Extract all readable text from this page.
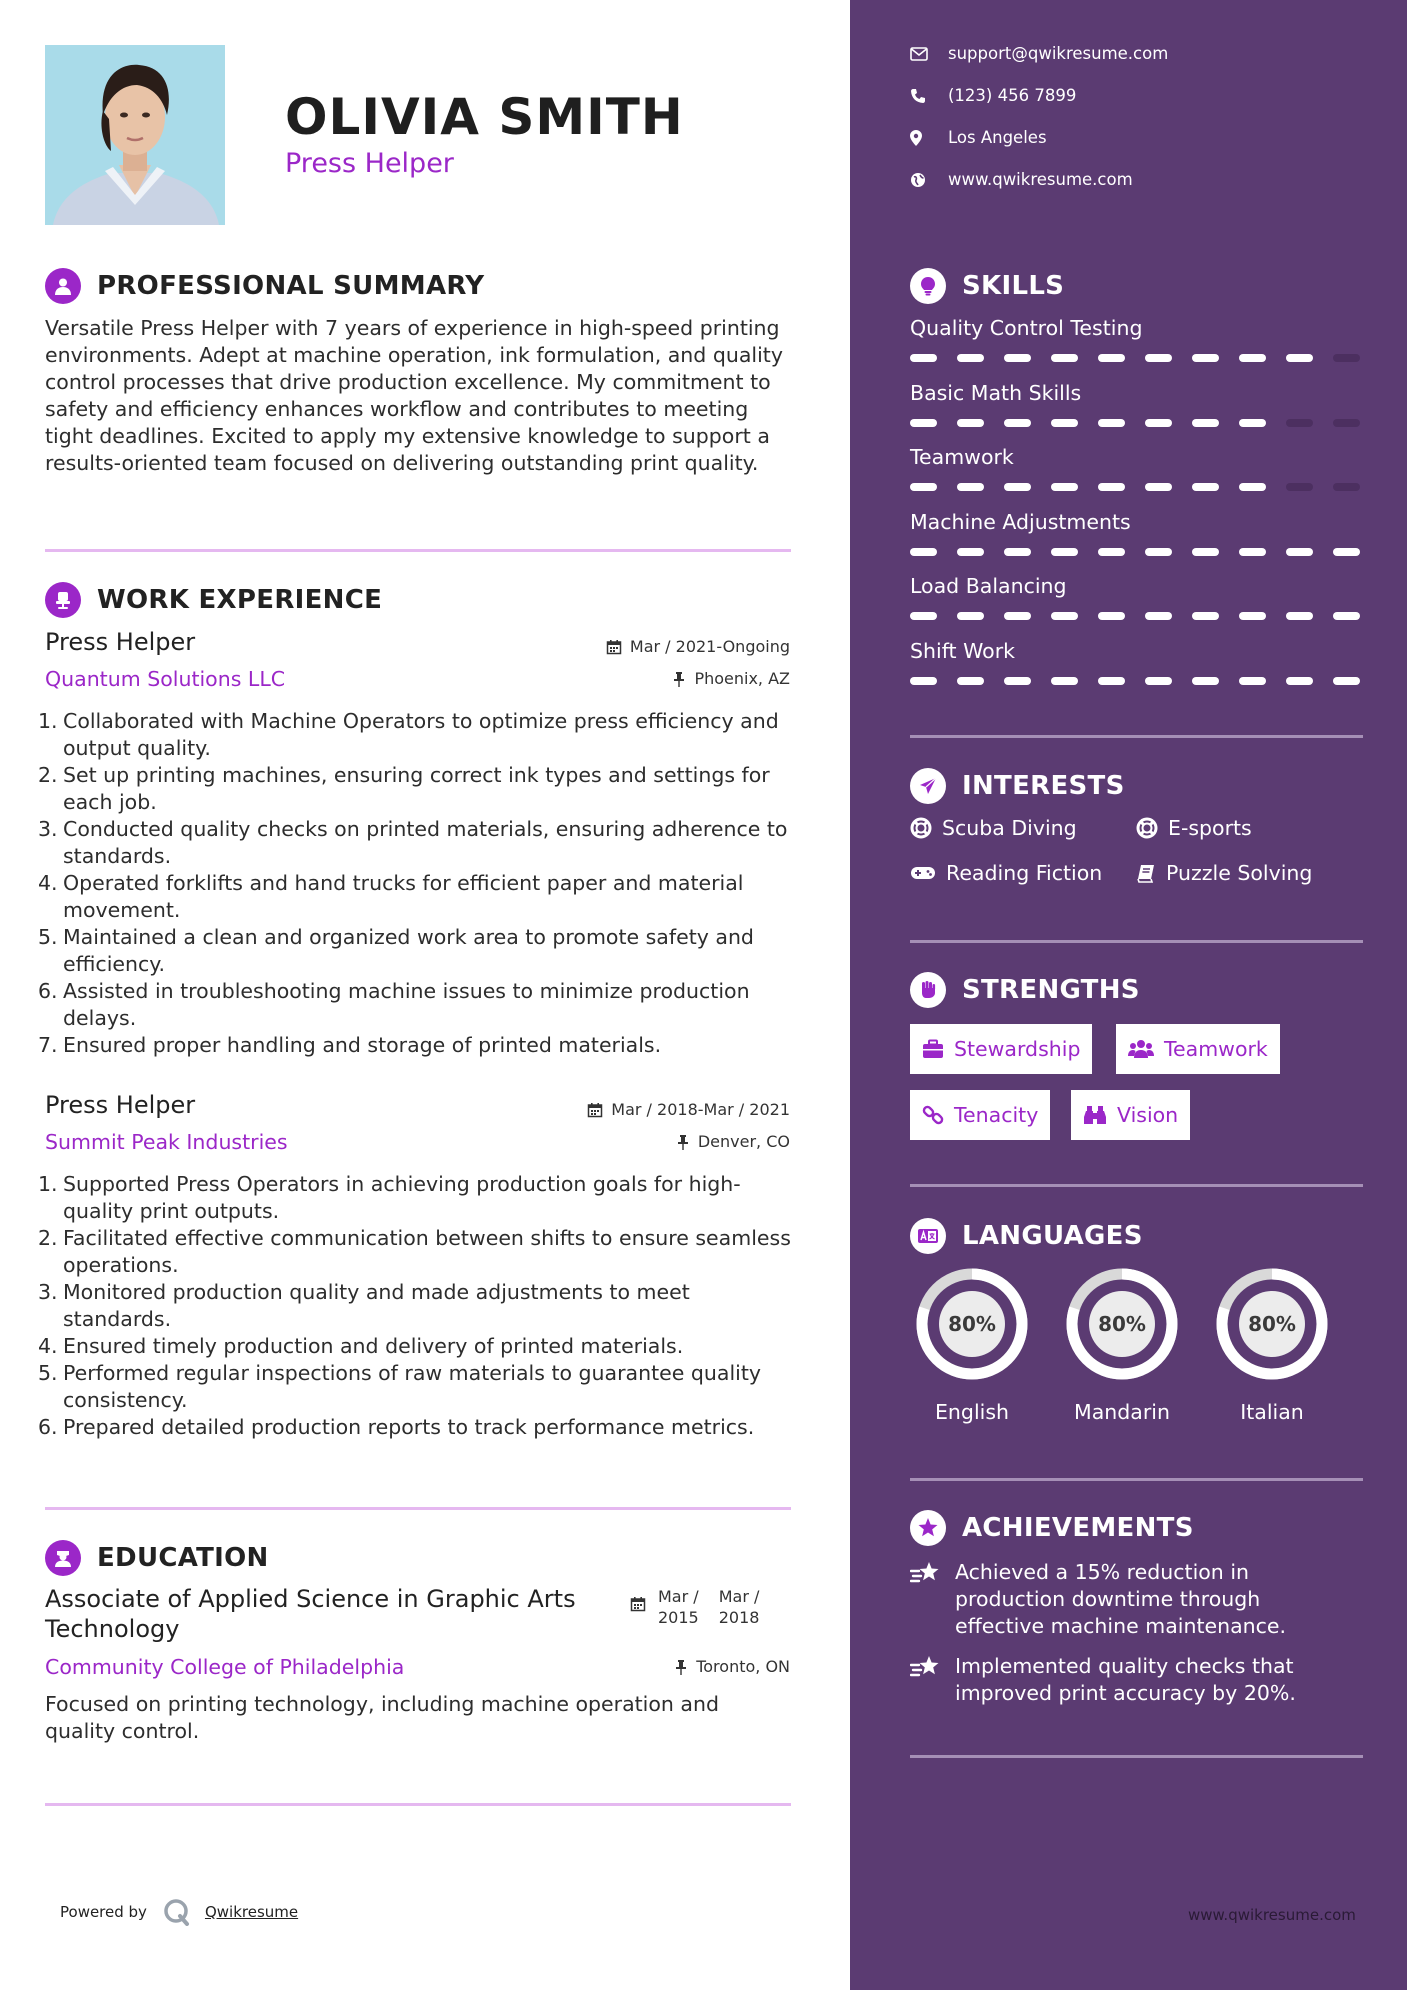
OLIVIA SMITH
Press Helper
PROFESSIONAL SUMMARY
Versatile Press Helper with 7 years of experience in high-speed printing environments. Adept at machine operation, ink formulation, and quality control processes that drive production excellence. My commitment to safety and efficiency enhances workflow and contributes to meeting tight deadlines. Excited to apply my extensive knowledge to support a results-oriented team focused on delivering outstanding print quality.
WORK EXPERIENCE
Press Helper
Quantum Solutions LLC
Mar / 2021-Ongoing
Phoenix, AZ
1. Collaborated with Machine Operators to optimize press efficiency and output quality.
2. Set up printing machines, ensuring correct ink types and settings for each job.
3. Conducted quality checks on printed materials, ensuring adherence to standards.
4. Operated forklifts and hand trucks for efficient paper and material movement.
5. Maintained a clean and organized work area to promote safety and efficiency.
6. Assisted in troubleshooting machine issues to minimize production delays.
7. Ensured proper handling and storage of printed materials.
Press Helper
Summit Peak Industries
Mar / 2018-Mar / 2021
Denver, CO
1. Supported Press Operators in achieving production goals for high-quality print outputs.
2. Facilitated effective communication between shifts to ensure seamless operations.
3. Monitored production quality and made adjustments to meet standards.
4. Ensured timely production and delivery of printed materials.
5. Performed regular inspections of raw materials to guarantee quality consistency.
6. Prepared detailed production reports to track performance metrics.
EDUCATION
Associate of Applied Science in Graphic Arts Technology
Mar /
2015
Mar /
2018
Community College of Philadelphia	Toronto, ON
Focused on printing technology, including machine operation and quality control.
Powered by	Qwikresume
support@qwikresume.com
(123) 456 7899
Los Angeles
www.qwikresume.com
SKILLS
Quality Control Testing
Basic Math Skills
Teamwork
Machine Adjustments
Load Balancing
Shift Work
INTERESTS
Scuba Diving	E-sports
Reading Fiction	Puzzle Solving
STRENGTHS
Stewardship	Teamwork
Tenacity	Vision
LANGUAGES
80%
English
80%
Mandarin
80%
Italian
ACHIEVEMENTS
Achieved a 15% reduction in production downtime through effective machine maintenance.
Implemented quality checks that improved print accuracy by 20%.
www.qwikresume.com
